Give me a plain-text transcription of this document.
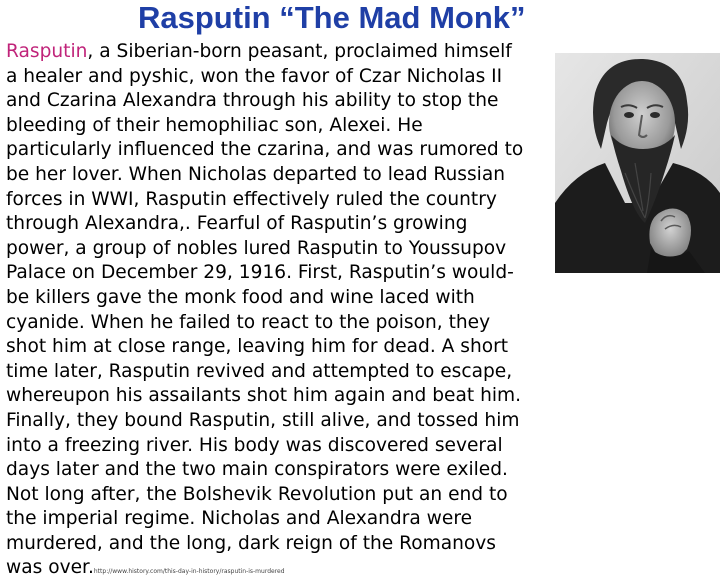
Rasputin “The Mad Monk”
Rasputin, a Siberian-born peasant, proclaimed himself
a healer and pyshic, won the favor of Czar Nicholas II
and Czarina Alexandra through his ability to stop the
bleeding of their hemophiliac son, Alexei. He
particularly influenced the czarina, and was rumored to
be her lover. When Nicholas departed to lead Russian
forces in WWI, Rasputin effectively ruled the country
through Alexandra,. Fearful of Rasputin’s growing
power, a group of nobles lured Rasputin to Youssupov
Palace on December 29, 1916. First, Rasputin’s would-
be killers gave the monk food and wine laced with
cyanide. When he failed to react to the poison, they
shot him at close range, leaving him for dead. A short
time later, Rasputin revived and attempted to escape,
whereupon his assailants shot him again and beat him.
Finally, they bound Rasputin, still alive, and tossed him
into a freezing river. His body was discovered several
days later and the two main conspirators were exiled.
Not long after, the Bolshevik Revolution put an end to
the imperial regime. Nicholas and Alexandra were
murdered, and the long, dark reign of the Romanovs
was over.http://www.history.com/this-day-in-history/rasputin-is-murdered
